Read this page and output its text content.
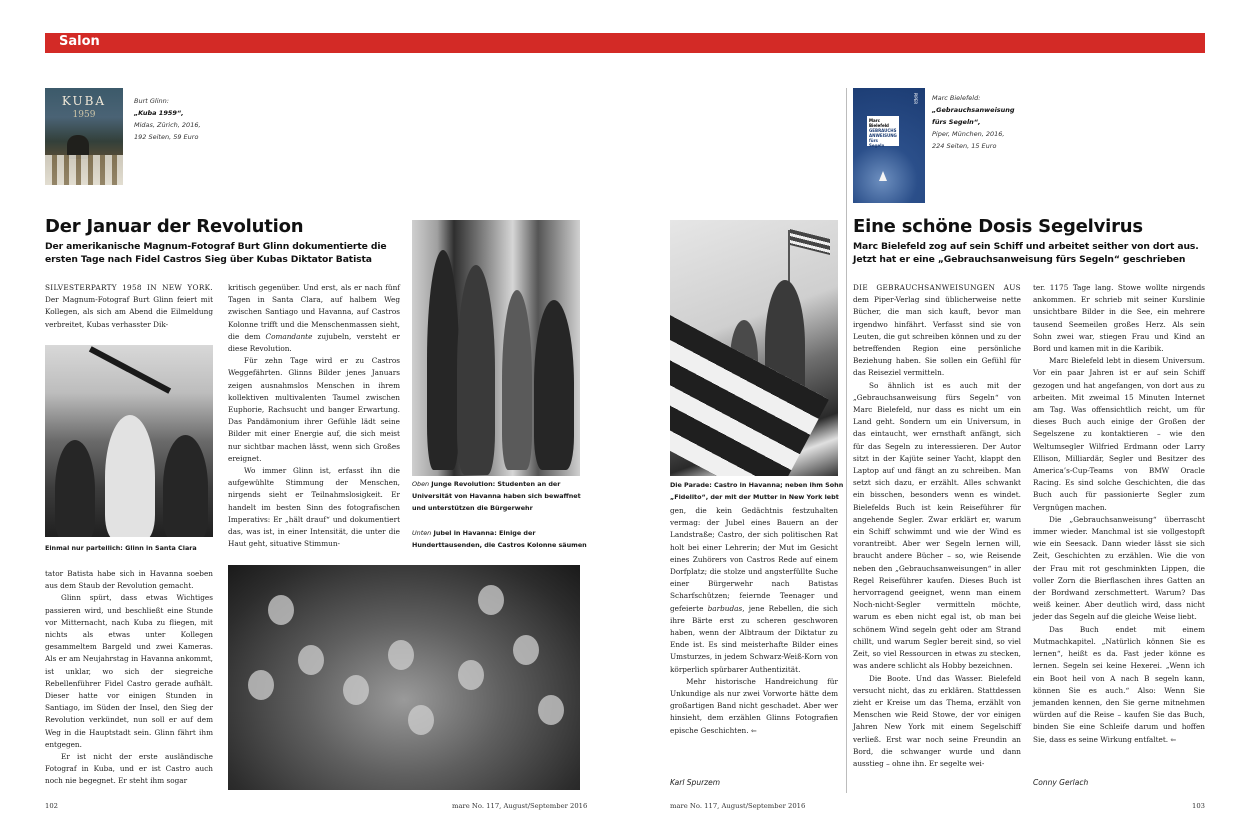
Salon
KUBA
1959
Burt Glinn:
„Kuba 1959“,
Midas, Zürich, 2016,
192 Seiten, 59 Euro
Der Januar der Revolution
Der amerikanische Magnum-Fotograf Burt Glinn dokumentierte die ersten Tage nach Fidel Castros Sieg über Kubas Diktator Batista

SILVESTERPARTY 1958 IN NEW YORK. Der Magnum-Fotograf Burt Glinn feiert mit Kollegen, als sich am Abend die Eilmeldung verbreitet, Kubas verhasster Dik-

Einmal nur parteilich: Glinn in Santa Clara

tator Batista habe sich in Havanna soeben aus dem Staub der Revolution gemacht.

Glinn spürt, dass etwas Wichtiges passieren wird, und beschließt eine Stunde vor Mitternacht, nach Kuba zu fliegen, mit nichts als etwas unter Kollegen gesammeltem Bargeld und zwei Kameras. Als er am Neujahrstag in Havanna ankommt, ist unklar, wo sich der siegreiche Rebellenführer Fidel Castro gerade aufhält. Dieser hatte vor einigen Stunden in Santiago, im Süden der Insel, den Sieg der Revolution verkündet, nun soll er auf dem Weg in die Hauptstadt sein. Glinn fährt ihm entgegen.

Er ist nicht der erste ausländische Fotograf in Kuba, und er ist Castro auch noch nie begegnet. Er steht ihm sogar

kritisch gegenüber. Und erst, als er nach fünf Tagen in Santa Clara, auf halbem Weg zwischen Santiago und Havanna, auf Castros Kolonne trifft und die Menschenmassen sieht, die dem Comandante zujubeln, versteht er diese Revolution.

Für zehn Tage wird er zu Castros Weggefährten. Glinns Bilder jenes Januars zeigen ausnahmslos Menschen in ihrem kollektiven multivalenten Taumel zwischen Euphorie, Rachsucht und banger Erwartung. Das Pandämonium ihrer Gefühle lädt seine Bilder mit einer Energie auf, die sich meist nur sichtbar machen lässt, wenn sich Großes ereignet.

Wo immer Glinn ist, erfasst ihn die aufgewühlte Stimmung der Menschen, nirgends sieht er Teilnahmslosigkeit. Er handelt im besten Sinn des fotografischen Imperativs: Er „hält drauf“ und dokumentiert das, was ist, in einer Intensität, die unter die Haut geht, situative Stimmun-

Oben Junge Revolution: Studenten an der Universität von Havanna haben sich bewaffnet und unterstützen die Bürgerwehr
Unten Jubel in Havanna: Einige der Hunderttausenden, die Castros Kolonne säumen
Die Parade: Castro in Havanna; neben ihm Sohn „Fidelito“, der mit der Mutter in New York lebt

gen, die kein Gedächtnis festzuhalten vermag: der Jubel eines Bauern an der Landstraße; Castro, der sich politischen Rat holt bei einer Lehrerin; der Mut im Gesicht eines Zuhörers von Castros Rede auf einem Dorfplatz; die stolze und angsterfüllte Suche einer Bürgerwehr nach Batistas Scharfschützen; feiernde Teenager und gefeierte barbudas, jene Rebellen, die sich ihre Bärte erst zu scheren geschworen haben, wenn der Albtraum der Diktatur zu Ende ist. Es sind meisterhafte Bilder eines Umsturzes, in jedem Schwarz-Weiß-Korn von körperlich spürbarer Authentizität.

Mehr historische Handreichung für Unkundige als nur zwei Vorworte hätte dem großartigen Band nicht geschadet. Aber wer hinsieht, dem erzählen Glinns Fotografien epische Geschichten. ⇐

Karl Spurzem
PIPER
Marc Bielefeld
GEBRAUCHS
ANWEISUNG
fürs
Segeln
Marc Bielefeld:
„Gebrauchsanweisung
fürs Segeln“,
Piper, München, 2016,
224 Seiten, 15 Euro
Eine schöne Dosis Segelvirus
Marc Bielefeld zog auf sein Schiff und arbeitet seither von dort aus. Jetzt hat er eine „Gebrauchsanweisung fürs Segeln“ geschrieben

DIE GEBRAUCHSANWEISUNGEN AUS dem Piper-Verlag sind üblicherweise nette Bücher, die man sich kauft, bevor man irgendwo hinfährt. Verfasst sind sie von Leuten, die gut schreiben können und zu der betreffenden Region eine persönliche Beziehung haben. Sie sollen ein Gefühl für das Reiseziel vermitteln.

So ähnlich ist es auch mit der „Gebrauchsanweisung fürs Segeln“ von Marc Bielefeld, nur dass es nicht um ein Land geht. Sondern um ein Universum, in das eintaucht, wer ernsthaft anfängt, sich für das Segeln zu interessieren. Der Autor sitzt in der Kajüte seiner Yacht, klappt den Laptop auf und fängt an zu schreiben. Man setzt sich dazu, er erzählt. Alles schwankt ein bisschen, besonders wenn es windet. Bielefelds Buch ist kein Reiseführer für angehende Segler. Zwar erklärt er, warum ein Schiff schwimmt und wie der Wind es vorantreibt. Aber wer Segeln lernen will, braucht andere Bücher – so, wie Reisende neben den „Gebrauchsanweisungen“ in aller Regel Reiseführer kaufen. Dieses Buch ist hervorragend geeignet, wenn man einem Noch-nicht-Segler vermitteln möchte, warum es eben nicht egal ist, ob man bei schönem Wind segeln geht oder am Strand chillt, und warum Segler bereit sind, so viel Zeit, so viel Ressourcen in etwas zu stecken, was andere schlicht als Hobby bezeichnen.

Die Boote. Und das Wasser. Bielefeld versucht nicht, das zu erklären. Stattdessen zieht er Kreise um das Thema, erzählt von Menschen wie Reid Stowe, der vor einigen Jahren New York mit einem Segelschiff verließ. Erst war noch seine Freundin an Bord, die schwanger wurde und dann ausstieg – ohne ihn. Er segelte wei-

ter. 1175 Tage lang. Stowe wollte nirgends ankommen. Er schrieb mit seiner Kurslinie unsichtbare Bilder in die See, ein mehrere tausend Seemeilen großes Herz. Als sein Sohn zwei war, stiegen Frau und Kind an Bord und kamen mit in die Karibik.

Marc Bielefeld lebt in diesem Universum. Vor ein paar Jahren ist er auf sein Schiff gezogen und hat angefangen, von dort aus zu arbeiten. Mit zweimal 15 Minuten Internet am Tag. Was offensichtlich reicht, um für dieses Buch auch einige der Großen der Segelszene zu kontaktieren – wie den Weltumsegler Wilfried Erdmann oder Larry Ellison, Milliardär, Segler und Besitzer des America’s-Cup-Teams von BMW Oracle Racing. Es sind solche Geschichten, die das Buch auch für passionierte Segler zum Vergnügen machen.

Die „Gebrauchsanweisung“ überrascht immer wieder. Manchmal ist sie vollgestopft wie ein Seesack. Dann wieder lässt sie sich Zeit, Geschichten zu erzählen. Wie die von der Frau mit rot geschminkten Lippen, die voller Zorn die Bierflaschen ihres Gatten an der Bordwand zerschmettert. Warum? Das weiß keiner. Aber deutlich wird, dass nicht jeder das Segeln auf die gleiche Weise liebt.

Das Buch endet mit einem Mutmachkapitel. „Natürlich können Sie es lernen“, heißt es da. Fast jeder könne es lernen. Segeln sei keine Hexerei. „Wenn ich ein Boot heil von A nach B segeln kann, können Sie es auch.“ Also: Wenn Sie jemanden kennen, den Sie gerne mitnehmen würden auf die Reise – kaufen Sie das Buch, binden Sie eine Schleife darum und hoffen Sie, dass es seine Wirkung entfaltet. ⇐

Conny Gerlach
102	mare No. 117, August/September 2016	mare No. 117, August/September 2016	103
